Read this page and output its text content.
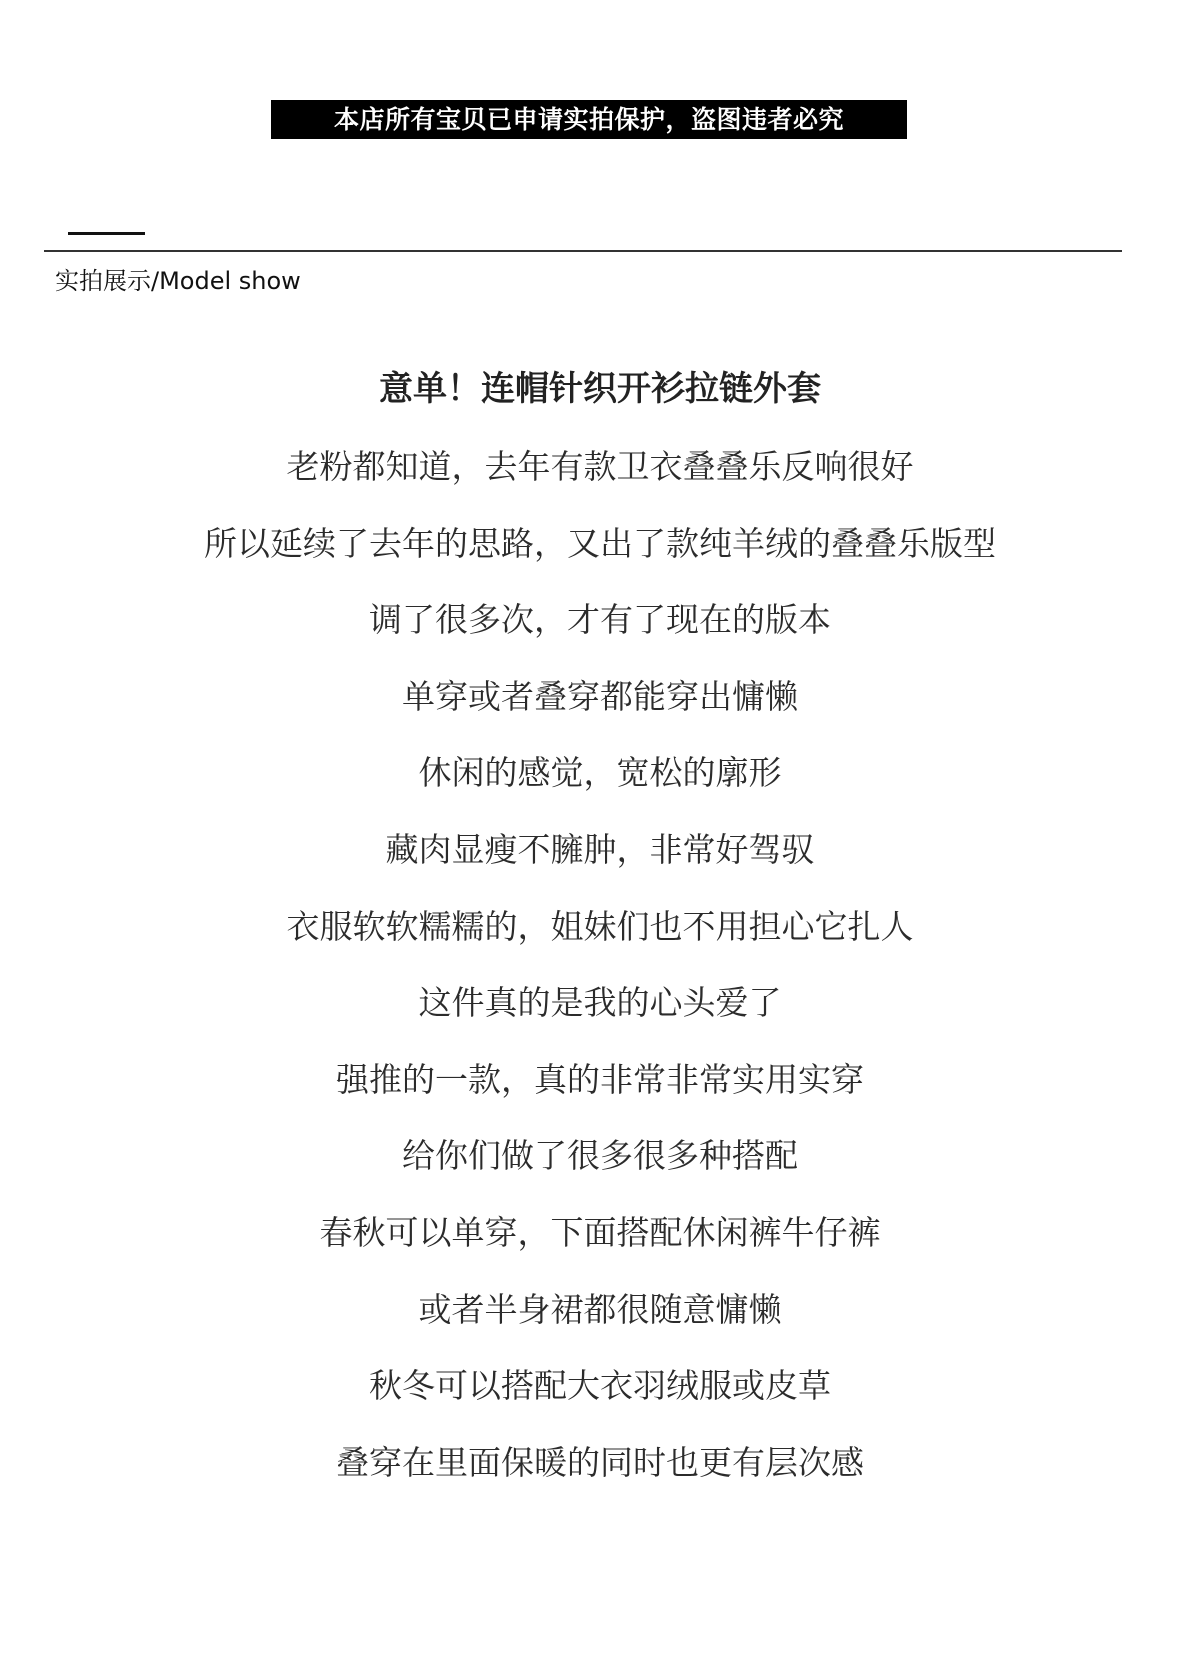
本店所有宝贝已申请实拍保护，盗图违者必究
实拍展示/Model show
意单！连帽针织开衫拉链外套
老粉都知道，去年有款卫衣叠叠乐反响很好
所以延续了去年的思路，又出了款纯羊绒的叠叠乐版型
调了很多次，才有了现在的版本
单穿或者叠穿都能穿出慵懒
休闲的感觉，宽松的廓形
藏肉显瘦不臃肿，非常好驾驭
衣服软软糯糯的，姐妹们也不用担心它扎人
这件真的是我的心头爱了
强推的一款，真的非常非常实用实穿
给你们做了很多很多种搭配
春秋可以单穿，下面搭配休闲裤牛仔裤
或者半身裙都很随意慵懒
秋冬可以搭配大衣羽绒服或皮草
叠穿在里面保暖的同时也更有层次感
